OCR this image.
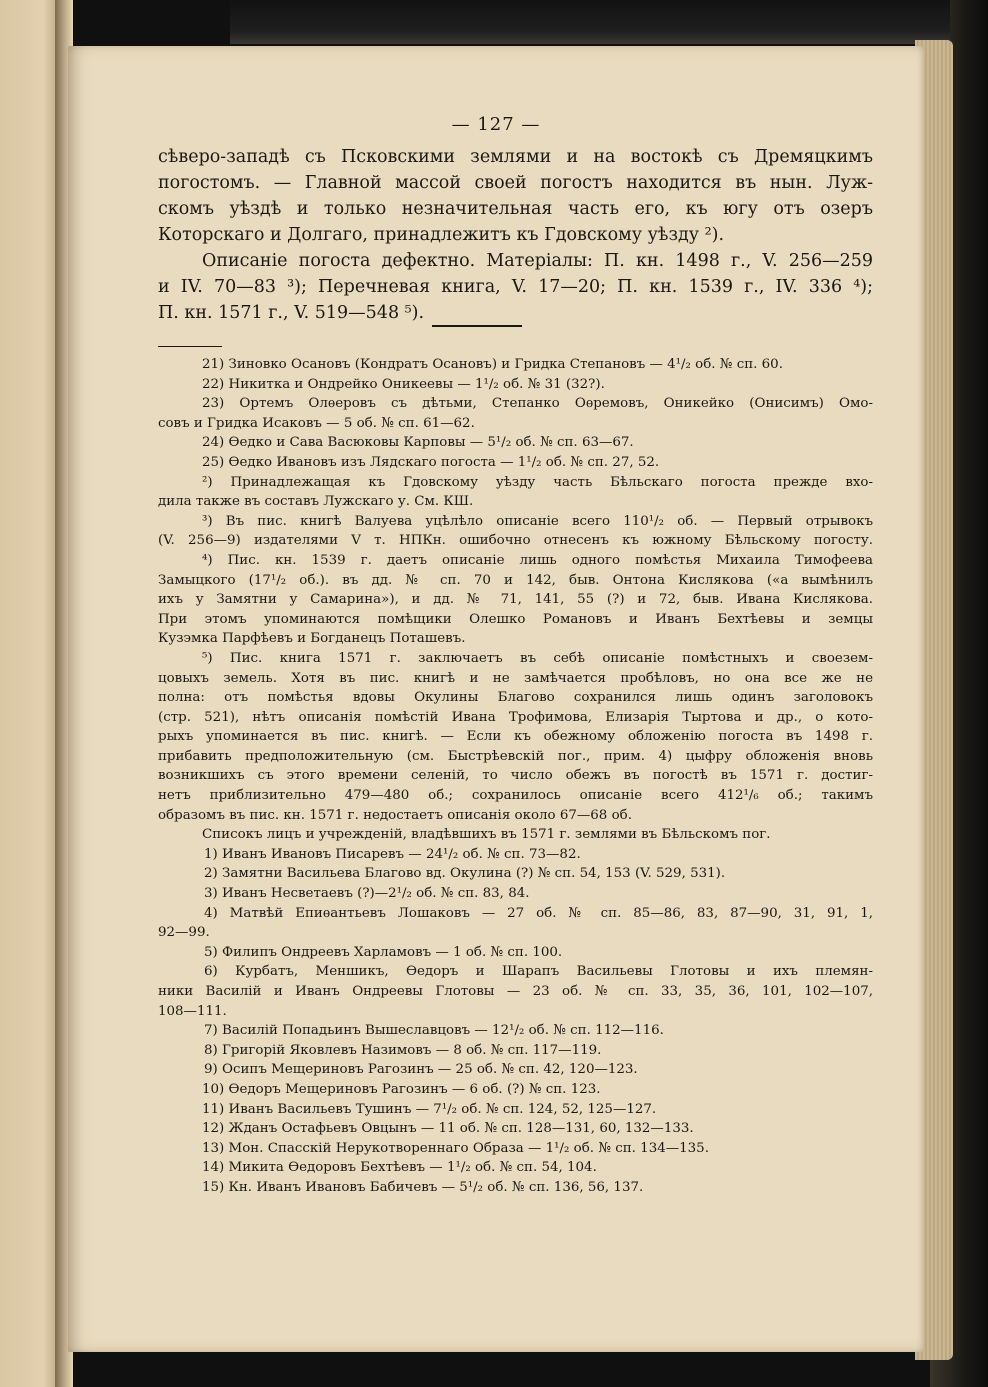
— 127 —
сѣверо-западѣ съ Псковскими землями и на востокѣ съ Дремяцкимъ
погостомъ. — Главной массой своей погостъ находится въ нын. Луж-
скомъ уѣздѣ и только незначительная часть его, къ югу отъ озеръ
Которскаго и Долгаго, принадлежитъ къ Гдовскому уѣзду ²).
Описаніе погоста дефектно. Матеріалы: П. кн. 1498 г., V. 256—259
и IV. 70—83 ³); Перечневая книга, V. 17—20; П. кн. 1539 г., IV. 336 ⁴);
П. кн. 1571 г., V. 519—548 ⁵).
21) Зиновко Осановъ (Кондратъ Осановъ) и Гридка Степановъ — 4¹/₂ об. № сп. 60.
22) Никитка и Ондрейко Оникеевы — 1¹/₂ об. № 31 (32?).
23) Ортемъ Олѳеровъ съ дѣтьми, Степанко Оѳремовъ, Оникейко (Онисимъ) Омо-
совъ и Гридка Исаковъ — 5 об. № сп. 61—62.
24) Ѳедко и Сава Васюковы Карповы — 5¹/₂ об. № сп. 63—67.
25) Ѳедко Ивановъ изъ Лядскаго погоста — 1¹/₂ об. № сп. 27, 52.
²) Принадлежащая къ Гдовскому уѣзду часть Бѣльскаго погоста прежде вхо-
дила также въ составъ Лужскаго у. См. КШ.
³) Въ пис. книгѣ Валуева уцѣлѣло описаніе всего 110¹/₂ об. — Первый отрывокъ
(V. 256—9) издателями V т. НПКн. ошибочно отнесенъ къ южному Бѣльскому погосту.
⁴) Пис. кн. 1539 г. даетъ описаніе лишь одного помѣстья Михаила Тимофеева
Замыцкого (17¹/₂ об.). въ дд. № сп. 70 и 142, быв. Онтона Кислякова («а вымѣнилъ
ихъ у Замятни у Самарина»), и дд. № 71, 141, 55 (?) и 72, быв. Ивана Кислякова.
При этомъ упоминаются помѣщики Олешко Романовъ и Иванъ Бехтѣевы и земцы
Кузэмка Парфѣевъ и Богданецъ Поташевъ.
⁵) Пис. книга 1571 г. заключаетъ въ себѣ описаніе помѣстныхъ и своезем-
цовыхъ земель. Хотя въ пис. книгѣ и не замѣчается пробѣловъ, но она все же не
полна: отъ помѣстья вдовы Окулины Благово сохранился лишь одинъ заголовокъ
(стр. 521), нѣтъ описанія помѣстій Ивана Трофимова, Елизарія Тыртова и др., о кото-
рыхъ упоминается въ пис. книгѣ. — Если къ обежному обложенію погоста въ 1498 г.
прибавить предположительную (см. Быстрѣевскій пог., прим. 4) цыфру обложенія вновь
возникшихъ съ этого времени селеній, то число обежъ въ погостѣ въ 1571 г. достиг-
нетъ приблизительно 479—480 об.; сохранилось описаніе всего 412¹/₆ об.; такимъ
образомъ въ пис. кн. 1571 г. недостаетъ описанія около 67—68 об.
Списокъ лицъ и учрежденій, владѣвшихъ въ 1571 г. землями въ Бѣльскомъ пог.
1) Иванъ Ивановъ Писаревъ — 24¹/₂ об. № сп. 73—82.
2) Замятни Васильева Благово вд. Окулина (?) № сп. 54, 153 (V. 529, 531).
3) Иванъ Несветаевъ (?)—2¹/₂ об. № сп. 83, 84.
4) Матвѣй Епиѳантьевъ Лошаковъ — 27 об. № сп. 85—86, 83, 87—90, 31, 91, 1,
92—99.
5) Филипъ Ондреевъ Харламовъ — 1 об. № сп. 100.
6) Курбатъ, Меншикъ, Ѳедоръ и Шарапъ Васильевы Глотовы и ихъ племян-
ники Василій и Иванъ Ондреевы Глотовы — 23 об. № сп. 33, 35, 36, 101, 102—107,
108—111.
7) Василій Попадьинъ Вышеславцовъ — 12¹/₂ об. № сп. 112—116.
8) Григорій Яковлевъ Назимовъ — 8 об. № сп. 117—119.
9) Осипъ Мещериновъ Рагозинъ — 25 об. № сп. 42, 120—123.
10) Ѳедоръ Мещериновъ Рагозинъ — 6 об. (?) № сп. 123.
11) Иванъ Васильевъ Тушинъ — 7¹/₂ об. № сп. 124, 52, 125—127.
12) Жданъ Остафьевъ Овцынъ — 11 об. № сп. 128—131, 60, 132—133.
13) Мон. Спасскій Нерукотвореннаго Образа — 1¹/₂ об. № сп. 134—135.
14) Микита Ѳедоровъ Бехтѣевъ — 1¹/₂ об. № сп. 54, 104.
15) Кн. Иванъ Ивановъ Бабичевъ — 5¹/₂ об. № сп. 136, 56, 137.
